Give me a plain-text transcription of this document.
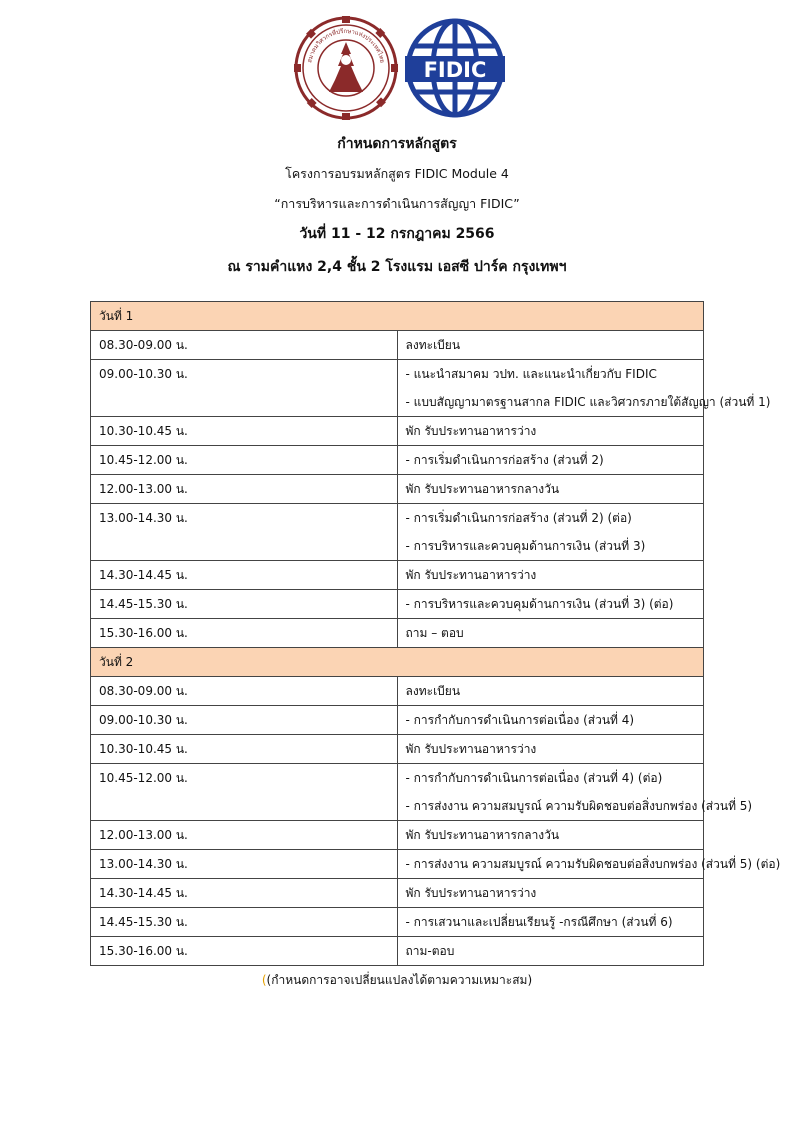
สมาคมวิศวกรที่ปรึกษาแห่งประเทศไทย FIDIC
กำหนดการหลักสูตร
โครงการอบรมหลักสูตร FIDIC Module 4
“การบริหารและการดำเนินการสัญญา FIDIC”
วันที่ 11 - 12 กรกฎาคม 2566
ณ รามคำแหง 2,4 ชั้น 2 โรงแรม เอสซี ปาร์ค กรุงเทพฯ
วันที่ 1	

08.30-09.00 น.	ลงทะเบียน

09.00-10.30 น.	- แนะนำสมาคม วปท. และแนะนำเกี่ยวกับ FIDIC
- แบบสัญญามาตรฐานสากล FIDIC และวิศวกรภายใต้สัญญา (ส่วนที่ 1)

10.30-10.45 น.	พัก รับประทานอาหารว่าง

10.45-12.00 น.	- การเริ่มดำเนินการก่อสร้าง (ส่วนที่ 2)

12.00-13.00 น.	พัก รับประทานอาหารกลางวัน

13.00-14.30 น.	- การเริ่มดำเนินการก่อสร้าง (ส่วนที่ 2) (ต่อ)
- การบริหารและควบคุมด้านการเงิน (ส่วนที่ 3)

14.30-14.45 น.	พัก รับประทานอาหารว่าง

14.45-15.30 น.	- การบริหารและควบคุมด้านการเงิน (ส่วนที่ 3) (ต่อ)

15.30-16.00 น.	ถาม – ตอบ

วันที่ 2	

08.30-09.00 น.	ลงทะเบียน

09.00-10.30 น.	- การกำกับการดำเนินการต่อเนื่อง (ส่วนที่ 4)

10.30-10.45 น.	พัก รับประทานอาหารว่าง

10.45-12.00 น.	- การกำกับการดำเนินการต่อเนื่อง (ส่วนที่ 4) (ต่อ)
- การส่งงาน ความสมบูรณ์ ความรับผิดชอบต่อสิ่งบกพร่อง (ส่วนที่ 5)

12.00-13.00 น.	พัก รับประทานอาหารกลางวัน

13.00-14.30 น.	- การส่งงาน ความสมบูรณ์ ความรับผิดชอบต่อสิ่งบกพร่อง (ส่วนที่ 5) (ต่อ)

14.30-14.45 น.	พัก รับประทานอาหารว่าง

14.45-15.30 น.	- การเสวนาและเปลี่ยนเรียนรู้ -กรณีศึกษา (ส่วนที่ 6)

15.30-16.00 น.	ถาม-ตอบ
((กำหนดการอาจเปลี่ยนแปลงได้ตามความเหมาะสม)
